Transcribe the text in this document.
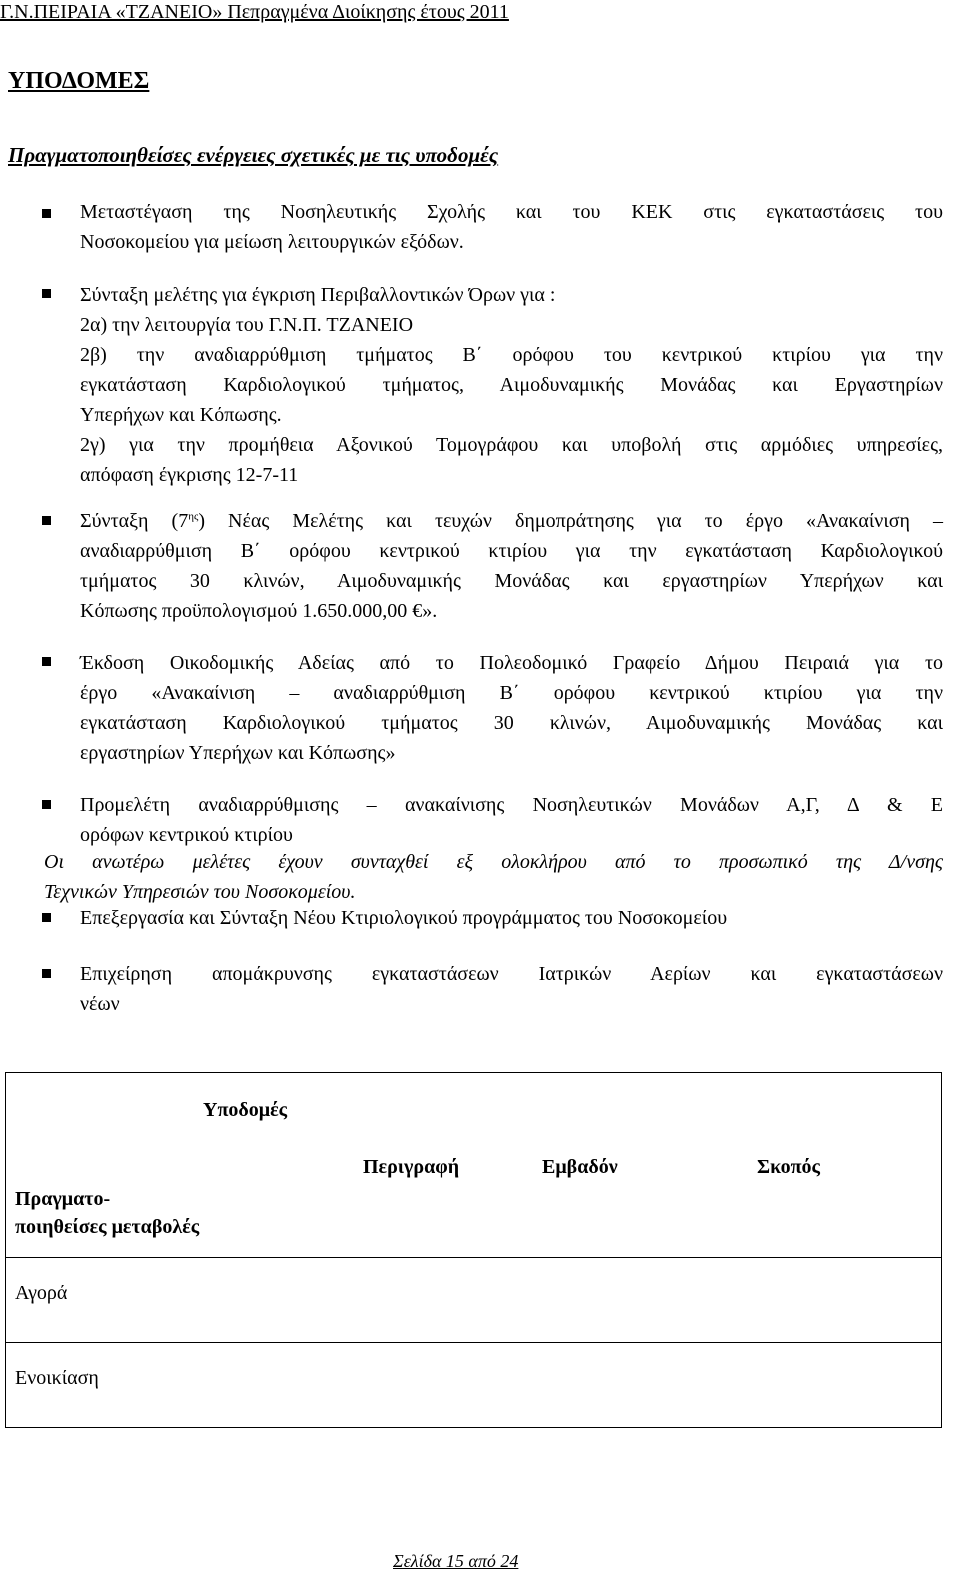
Γ.Ν.ΠΕΙΡΑΙΑ «ΤΖΑΝΕΙΟ» Πεπραγμένα Διοίκησης έτους 2011
ΥΠΟΔΟΜΕΣ
Πραγματοποιηθείσες ενέργειες σχετικές με τις υποδομές
Μεταστέγαση της Νοσηλευτικής Σχολής και του ΚΕΚ στις εγκαταστάσεις του
Νοσοκομείου για μείωση λειτουργικών εξόδων.
Σύνταξη μελέτης για έγκριση Περιβαλλοντικών Όρων για :
2α) την λειτουργία του Γ.Ν.Π. ΤΖΑΝΕΙΟ
2β) την αναδιαρρύθμιση τμήματος Β΄ ορόφου του κεντρικού κτιρίου για την
εγκατάσταση Καρδιολογικού τμήματος, Αιμοδυναμικής Μονάδας και Εργαστηρίων
Υπερήχων και Κόπωσης.
2γ) για την προμήθεια Αξονικού Τομογράφου και υποβολή στις αρμόδιες υπηρεσίες,
απόφαση έγκρισης 12-7-11
Σύνταξη $(7^{\eta\varsigma})$ Νέας Μελέτης και τευχών δημοπράτησης για το έργο «Ανακαίνιση –
αναδιαρρύθμιση Β΄ ορόφου κεντρικού κτιρίου για την εγκατάσταση Καρδιολογικού
τμήματος 30 κλινών, Αιμοδυναμικής Μονάδας και εργαστηρίων Υπερήχων και
Κόπωσης προϋπολογισμού 1.650.000,00 €».
Έκδοση Οικοδομικής Αδείας από το Πολεοδομικό Γραφείο Δήμου Πειραιά για το
έργο «Ανακαίνιση – αναδιαρρύθμιση Β΄ ορόφου κεντρικού κτιρίου για την
εγκατάσταση Καρδιολογικού τμήματος 30 κλινών, Αιμοδυναμικής Μονάδας και
εργαστηρίων Υπερήχων και Κόπωσης»
Προμελέτη αναδιαρρύθμισης – ανακαίνισης Νοσηλευτικών Μονάδων Α,Γ, Δ & Ε
ορόφων κεντρικού κτιρίου
Οι ανωτέρω μελέτες έχουν συνταχθεί εξ ολοκλήρου από το προσωπικό της Δ/νσης
Τεχνικών Υπηρεσιών του Νοσοκομείου.
Επεξεργασία και Σύνταξη Νέου Κτιριολογικού προγράμματος του Νοσοκομείου
Επιχείρηση απομάκρυνσης εγκαταστάσεων Ιατρικών Αερίων και εγκαταστάσεων
νέων
Υποδομές
Περιγραφή	Εμβαδόν	Σκοπός
Πραγματο-
ποιηθείσες μεταβολές

Αγορά
Ενοικίαση
Σελίδα 15 από 24
